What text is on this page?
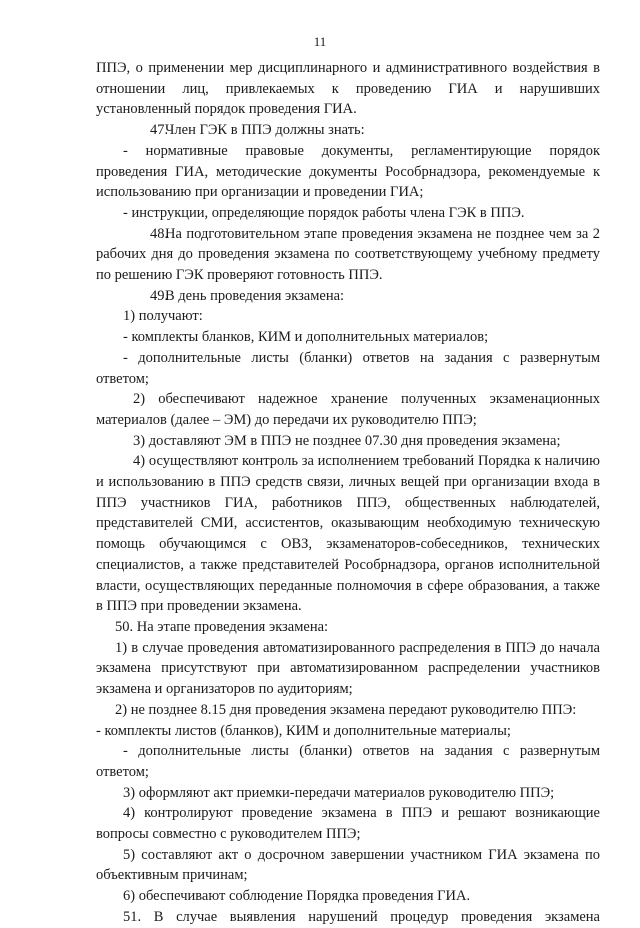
11

ППЭ, о применении мер дисциплинарного и административного воздействия в отношении лиц, привлекаемых к проведению ГИА и нарушивших установленный порядок проведения ГИА.

47.Член ГЭК в ППЭ должны знать:

- нормативные правовые документы, регламентирующие порядок проведения ГИА, методические документы Рособрнадзора, рекомендуемые к использованию при организации и проведении ГИА;

- инструкции, определяющие порядок работы члена ГЭК в ППЭ.

48.На подготовительном этапе проведения экзамена не позднее чем за 2 рабочих дня до проведения экзамена по соответствующему учебному предмету по решению ГЭК проверяют готовность ППЭ.

49.В день проведения экзамена:

1) получают:

- комплекты бланков, КИМ и дополнительных материалов;

- дополнительные листы (бланки) ответов на задания с развернутым ответом;

2) обеспечивают надежное хранение полученных экзаменационных материалов (далее – ЭМ) до передачи их руководителю ППЭ;

3) доставляют ЭМ в ППЭ не позднее 07.30 дня проведения экзамена;

4) осуществляют контроль за исполнением требований Порядка к наличию и использованию в ППЭ средств связи, личных вещей при организации входа в ППЭ участников ГИА, работников ППЭ, общественных наблюдателей, представителей СМИ, ассистентов, оказывающим необходимую техническую помощь обучающимся с ОВЗ, экзаменаторов-собеседников, технических специалистов, а также представителей Рособрнадзора, органов исполнительной власти, осуществляющих переданные полномочия в сфере образования, а также в ППЭ при проведении экзамена.

50. На этапе проведения экзамена:

1) в случае проведения автоматизированного распределения в ППЭ до начала экзамена присутствуют при автоматизированном распределении участников экзамена и организаторов по аудиториям;

2) не позднее 8.15 дня проведения экзамена передают руководителю ППЭ:

- комплекты листов (бланков), КИМ и дополнительные материалы;

- дополнительные листы (бланки) ответов на задания с развернутым ответом;

3) оформляют акт приемки-передачи материалов руководителю ППЭ;

4) контролируют проведение экзамена в ППЭ и решают возникающие вопросы совместно с руководителем ППЭ;

5) составляют акт о досрочном завершении участником ГИА экзамена по объективным причинам;

6) обеспечивают соблюдение Порядка проведения ГИА.

51. В случае выявления нарушений процедур проведения экзамена
